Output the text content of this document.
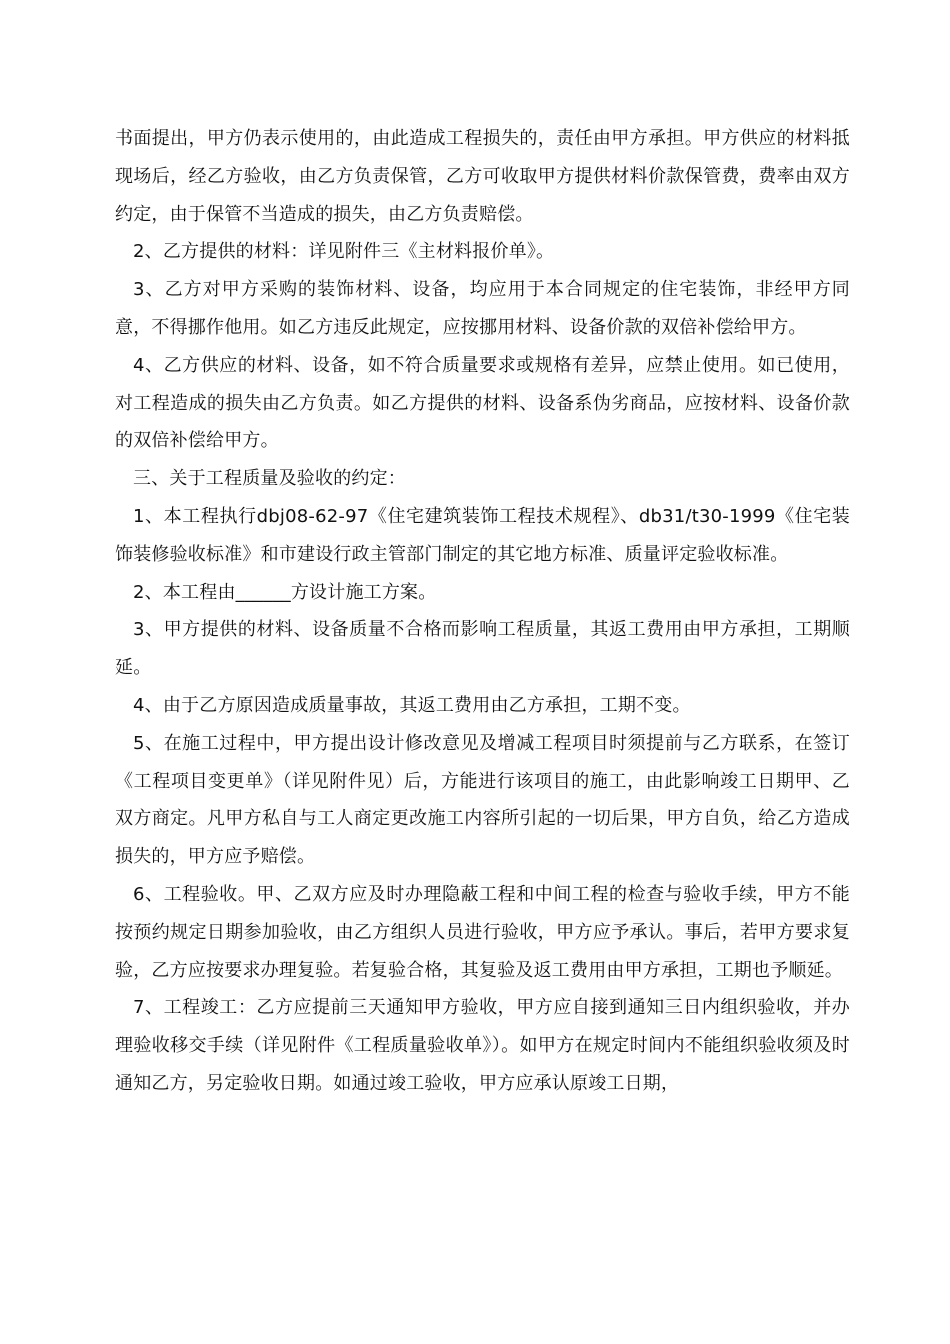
书面提出，甲方仍表示使用的，由此造成工程损失的，责任由甲方承担。甲方供应的材料抵现场后，经乙方验收，由乙方负责保管，乙方可收取甲方提供材料价款保管费，费率由双方约定，由于保管不当造成的损失，由乙方负责赔偿。

2、乙方提供的材料：详见附件三《主材料报价单》。

3、乙方对甲方采购的装饰材料、设备，均应用于本合同规定的住宅装饰，非经甲方同意，不得挪作他用。如乙方违反此规定，应按挪用材料、设备价款的双倍补偿给甲方。

4、乙方供应的材料、设备，如不符合质量要求或规格有差异，应禁止使用。如已使用，对工程造成的损失由乙方负责。如乙方提供的材料、设备系伪劣商品，应按材料、设备价款的双倍补偿给甲方。

三、关于工程质量及验收的约定：

1、本工程执行dbj08-62-97《住宅建筑装饰工程技术规程》、db31/t30-1999《住宅装饰装修验收标准》和市建设行政主管部门制定的其它地方标准、质量评定验收标准。

2、本工程由______方设计施工方案。

3、甲方提供的材料、设备质量不合格而影响工程质量，其返工费用由甲方承担，工期顺延。

4、由于乙方原因造成质量事故，其返工费用由乙方承担，工期不变。

5、在施工过程中，甲方提出设计修改意见及增减工程项目时须提前与乙方联系，在签订《工程项目变更单》（详见附件见）后，方能进行该项目的施工，由此影响竣工日期甲、乙双方商定。凡甲方私自与工人商定更改施工内容所引起的一切后果，甲方自负，给乙方造成损失的，甲方应予赔偿。

6、工程验收。甲、乙双方应及时办理隐蔽工程和中间工程的检查与验收手续，甲方不能按预约规定日期参加验收，由乙方组织人员进行验收，甲方应予承认。事后，若甲方要求复验，乙方应按要求办理复验。若复验合格，其复验及返工费用由甲方承担，工期也予顺延。

7、工程竣工：乙方应提前三天通知甲方验收，甲方应自接到通知三日内组织验收，并办理验收移交手续（详见附件《工程质量验收单》）。如甲方在规定时间内不能组织验收须及时通知乙方，另定验收日期。如通过竣工验收，甲方应承认原竣工日期，
